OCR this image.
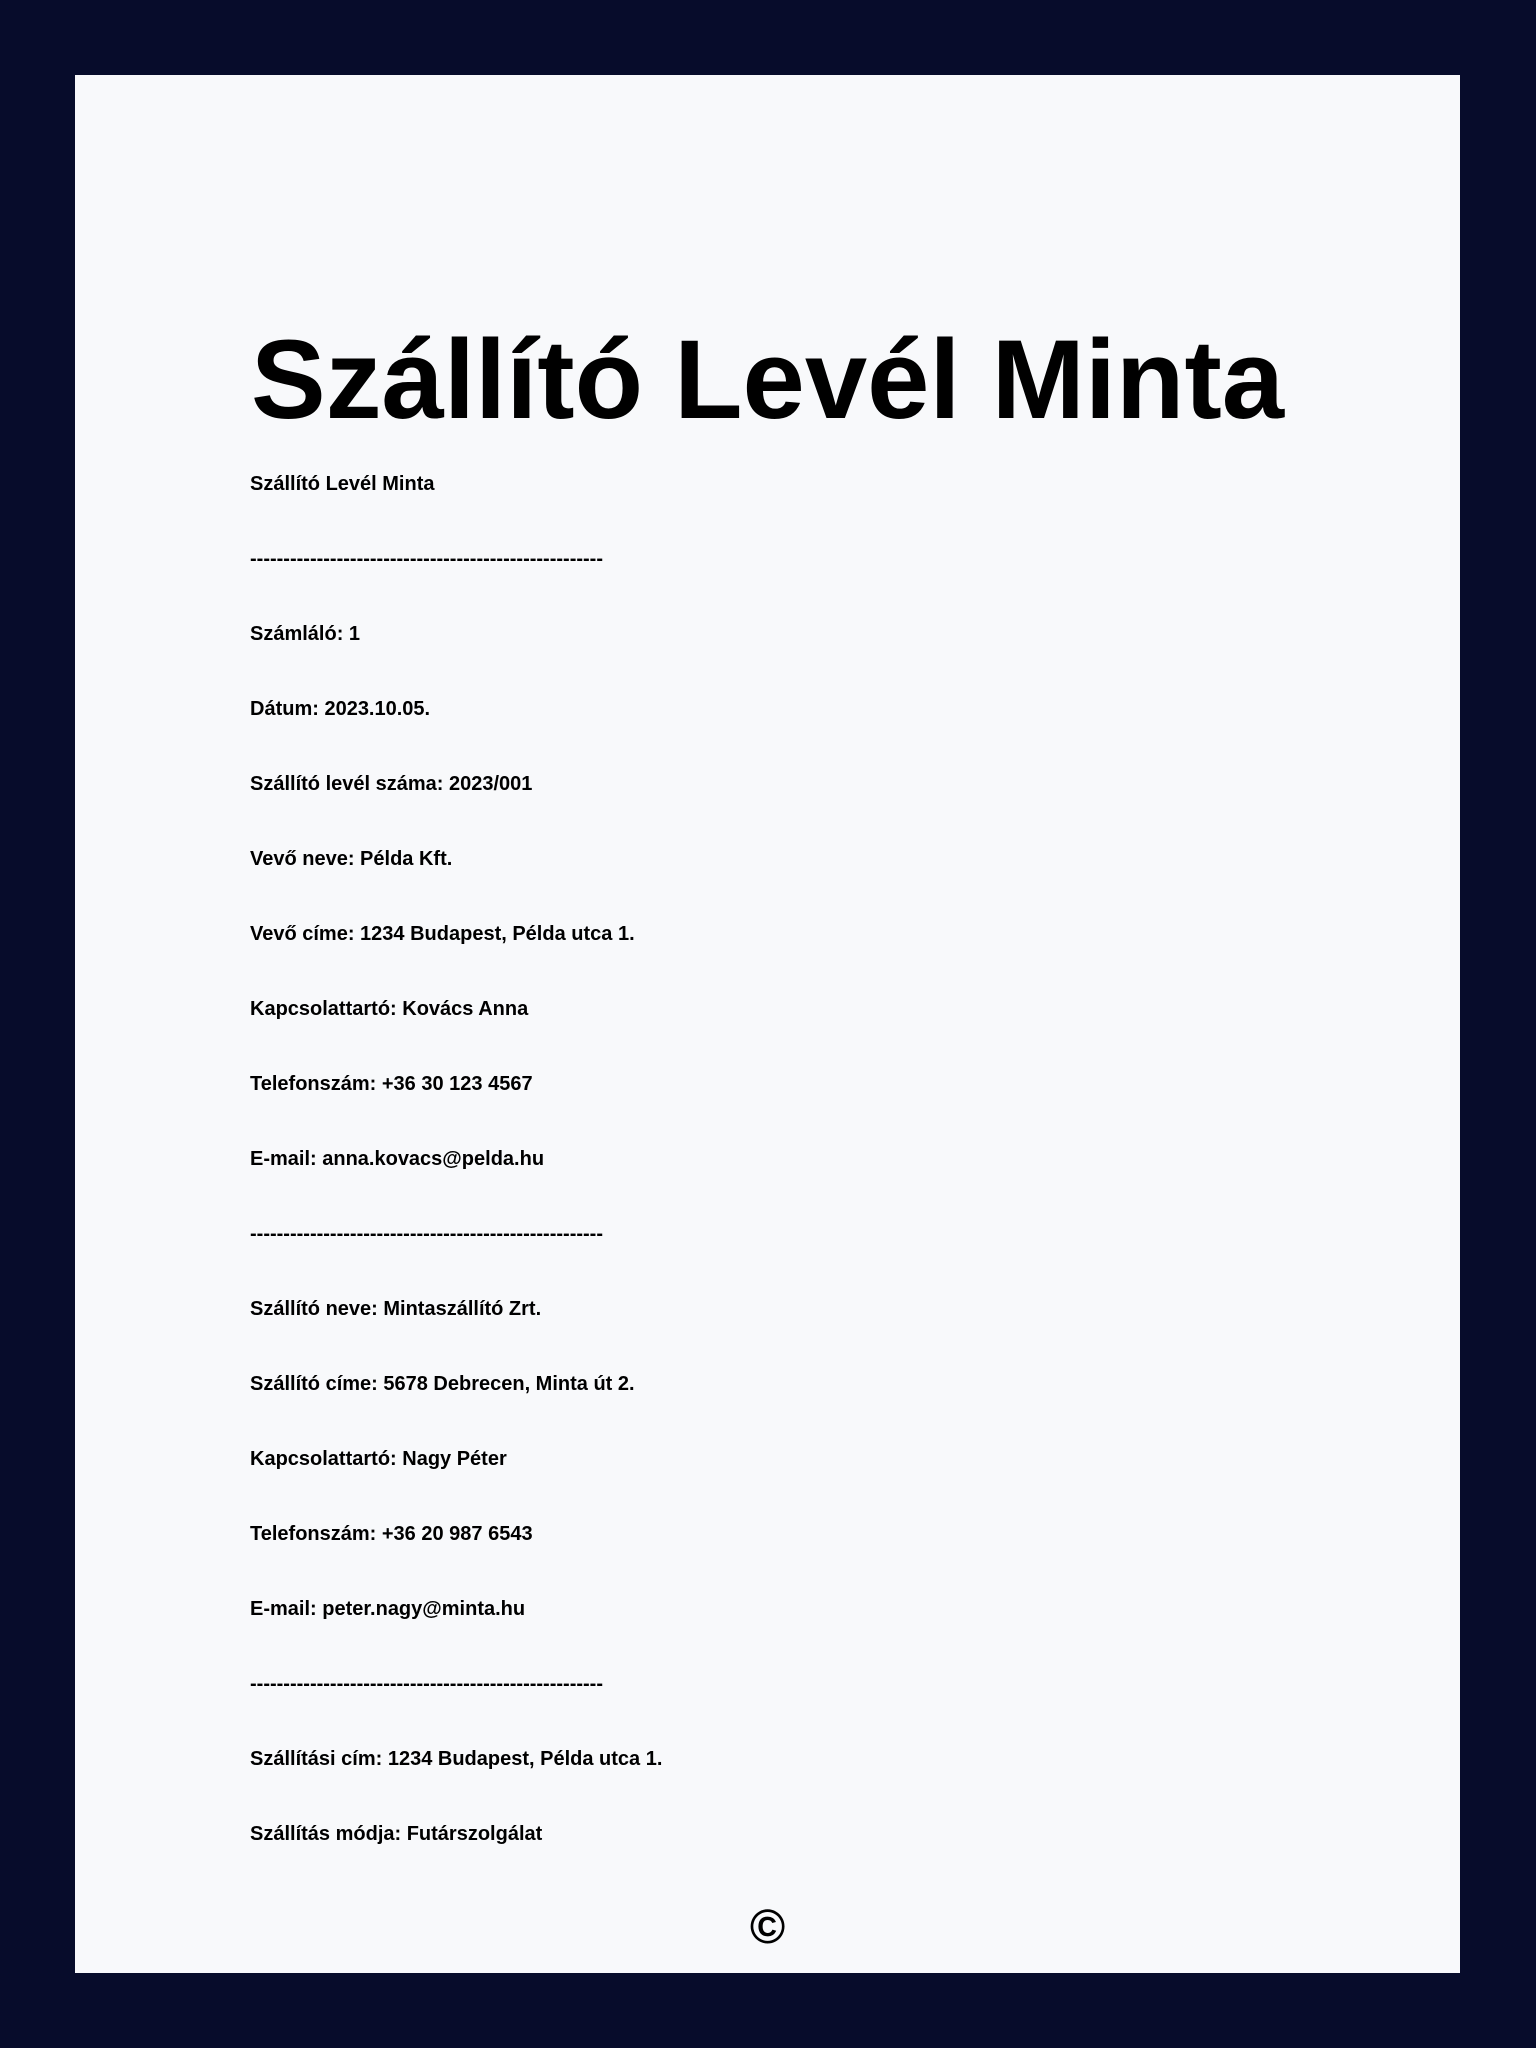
Szállító Levél Minta
Szállító Levél Minta
-----------------------------------------------------
Számláló: 1
Dátum: 2023.10.05.
Szállító levél száma: 2023/001
Vevő neve: Példa Kft.
Vevő címe: 1234 Budapest, Példa utca 1.
Kapcsolattartó: Kovács Anna
Telefonszám: +36 30 123 4567
E-mail: anna.kovacs@pelda.hu
-----------------------------------------------------
Szállító neve: Mintaszállító Zrt.
Szállító címe: 5678 Debrecen, Minta út 2.
Kapcsolattartó: Nagy Péter
Telefonszám: +36 20 987 6543
E-mail: peter.nagy@minta.hu
-----------------------------------------------------
Szállítási cím: 1234 Budapest, Példa utca 1.
Szállítás módja: Futárszolgálat
©
